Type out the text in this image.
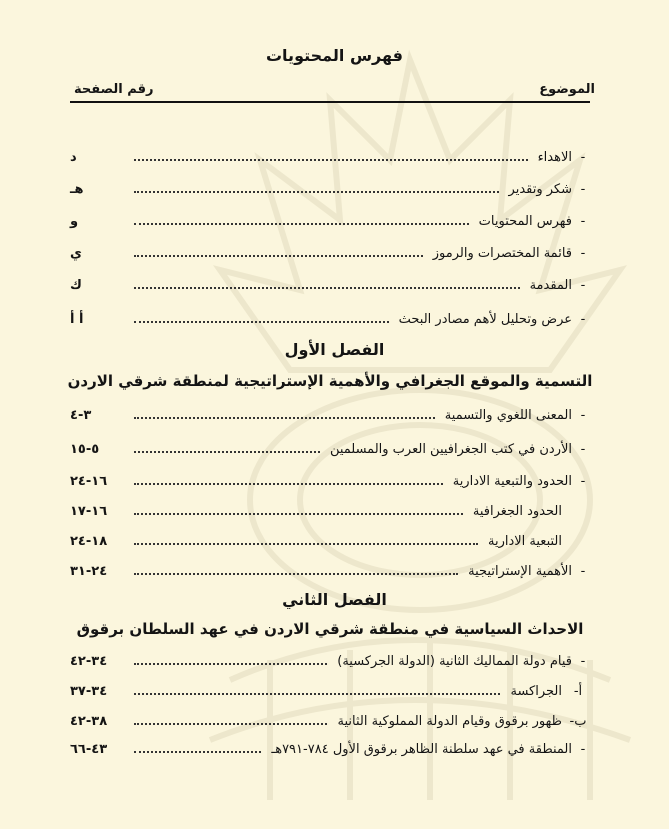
فهرس المحتويات
الموضوع
رقم الصفحة
-
الاهداء
د
-
شكر وتقدير
هـ
-
فهرس المحتويات
و
-
قائمة المختصرات والرموز
ي
-
المقدمة
ك
-
عرض وتحليل لأهم مصادر البحث
أ أ
الفصل الأول
التسمية والموقع الجغرافي والأهمية الإستراتيجية لمنطقة شرقي الاردن
-
المعنى اللغوي والتسمية
٣-٤
-
الأردن في كتب الجغرافيين العرب والمسلمين
٥-١٥
-
الحدود والتبعية الادارية
١٦-٢٤
الحدود الجغرافية
١٦-١٧
التبعية الادارية
١٨-٢٤
-
الأهمية الإستراتيجية
٢٤-٣١
الفصل الثاني
الاحداث السياسية في منطقة شرقي الاردن في عهد السلطان برقوق
-
قيام دولة المماليك الثانية (الدولة الجركسية)
٣٤-٤٢
أ-
الجراكسة
٣٤-٣٧
ب-
ظهور برقوق وقيام الدولة المملوكية الثانية
٣٨-٤٢
-
المنطقة في عهد سلطنة الظاهر برقوق الأول ٧٨٤-٧٩١هـ
٤٣-٦٦
